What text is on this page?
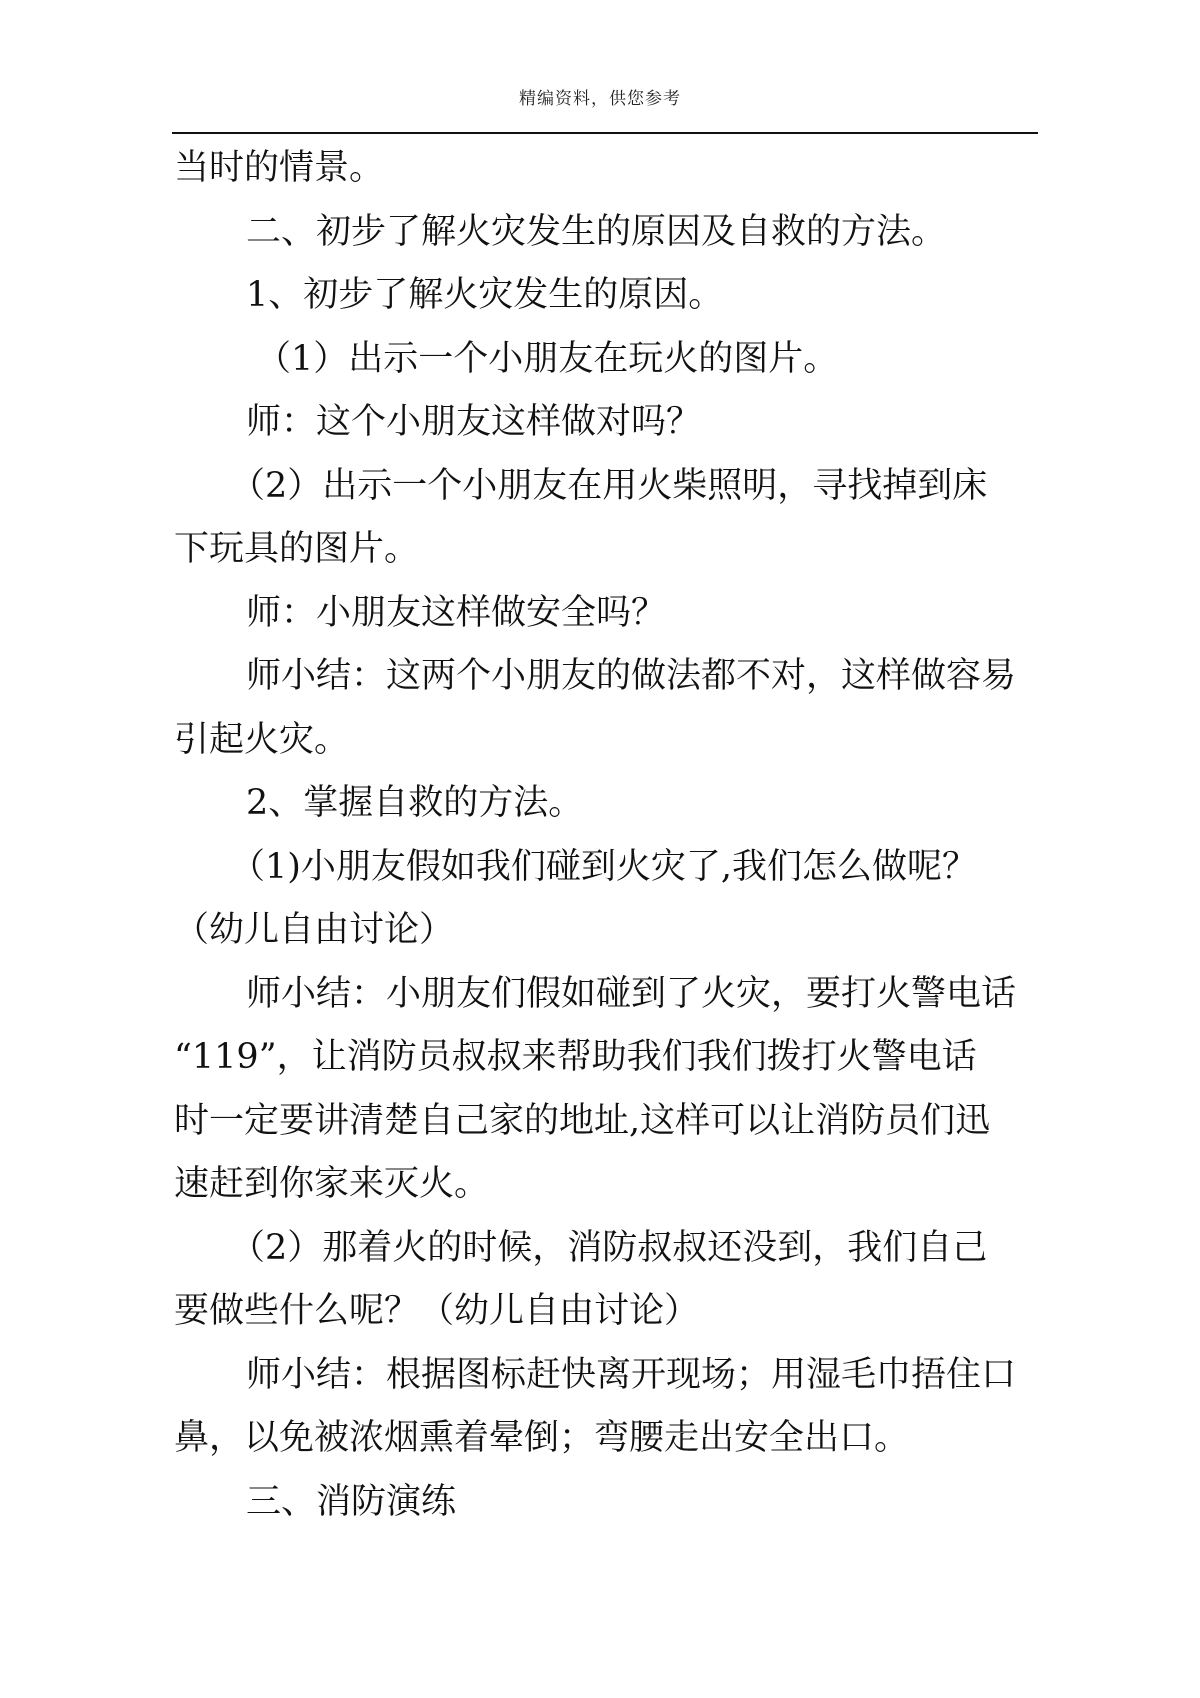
精编资料，供您参考

当时的情景。

二、初步了解火灾发生的原因及自救的方法。

1、初步了解火灾发生的原因。

（1）出示一个小朋友在玩火的图片。

师：这个小朋友这样做对吗？

（2）出示一个小朋友在用火柴照明，寻找掉到床

下玩具的图片。

师：小朋友这样做安全吗？

师小结：这两个小朋友的做法都不对，这样做容易

引起火灾。

2、掌握自救的方法。

（1)小朋友假如我们碰到火灾了,我们怎么做呢？

（幼儿自由讨论）

师小结：小朋友们假如碰到了火灾，要打火警电话

“119”，让消防员叔叔来帮助我们我们拨打火警电话

时一定要讲清楚自己家的地址,这样可以让消防员们迅

速赶到你家来灭火。

（2）那着火的时候，消防叔叔还没到，我们自己

要做些什么呢？（幼儿自由讨论）

师小结：根据图标赶快离开现场；用湿毛巾捂住口

鼻，以免被浓烟熏着晕倒；弯腰走出安全出口。

三、消防演练
